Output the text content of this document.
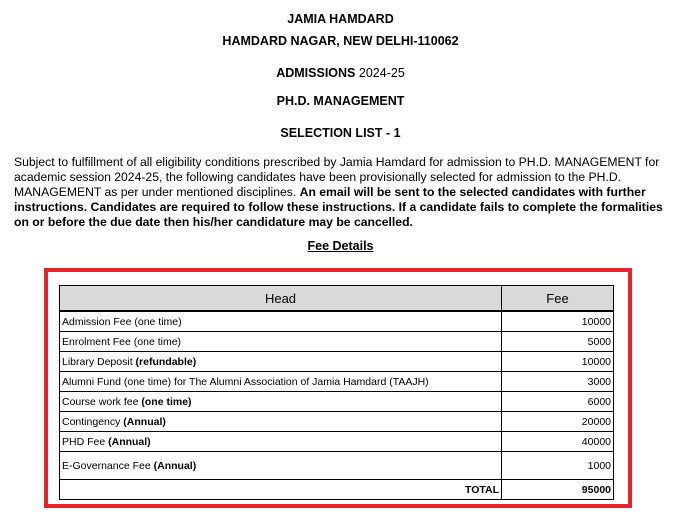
JAMIA HAMDARD
HAMDARD NAGAR, NEW DELHI-110062
ADMISSIONS 2024-25
PH.D. MANAGEMENT
SELECTION LIST - 1
Subject to fulfillment of all eligibility conditions prescribed by Jamia Hamdard for admission to PH.D. MANAGEMENT for academic session 2024-25, the following candidates have been provisionally selected for admission to the PH.D. MANAGEMENT as per under mentioned disciplines. An email will be sent to the selected candidates with further instructions. Candidates are required to follow these instructions. If a candidate fails to complete the formalities on or before the due date then his/her candidature may be cancelled.
Fee Details
Head	Fee
Admission Fee (one time)	10000
Enrolment Fee (one time)	5000
Library Deposit (refundable)	10000
Alumni Fund (one time) for The Alumni Association of Jamia Hamdard (TAAJH)	3000
Course work fee (one time)	6000
Contingency (Annual)	20000
PHD Fee (Annual)	40000
E-Governance Fee (Annual)	1000
TOTAL	95000
